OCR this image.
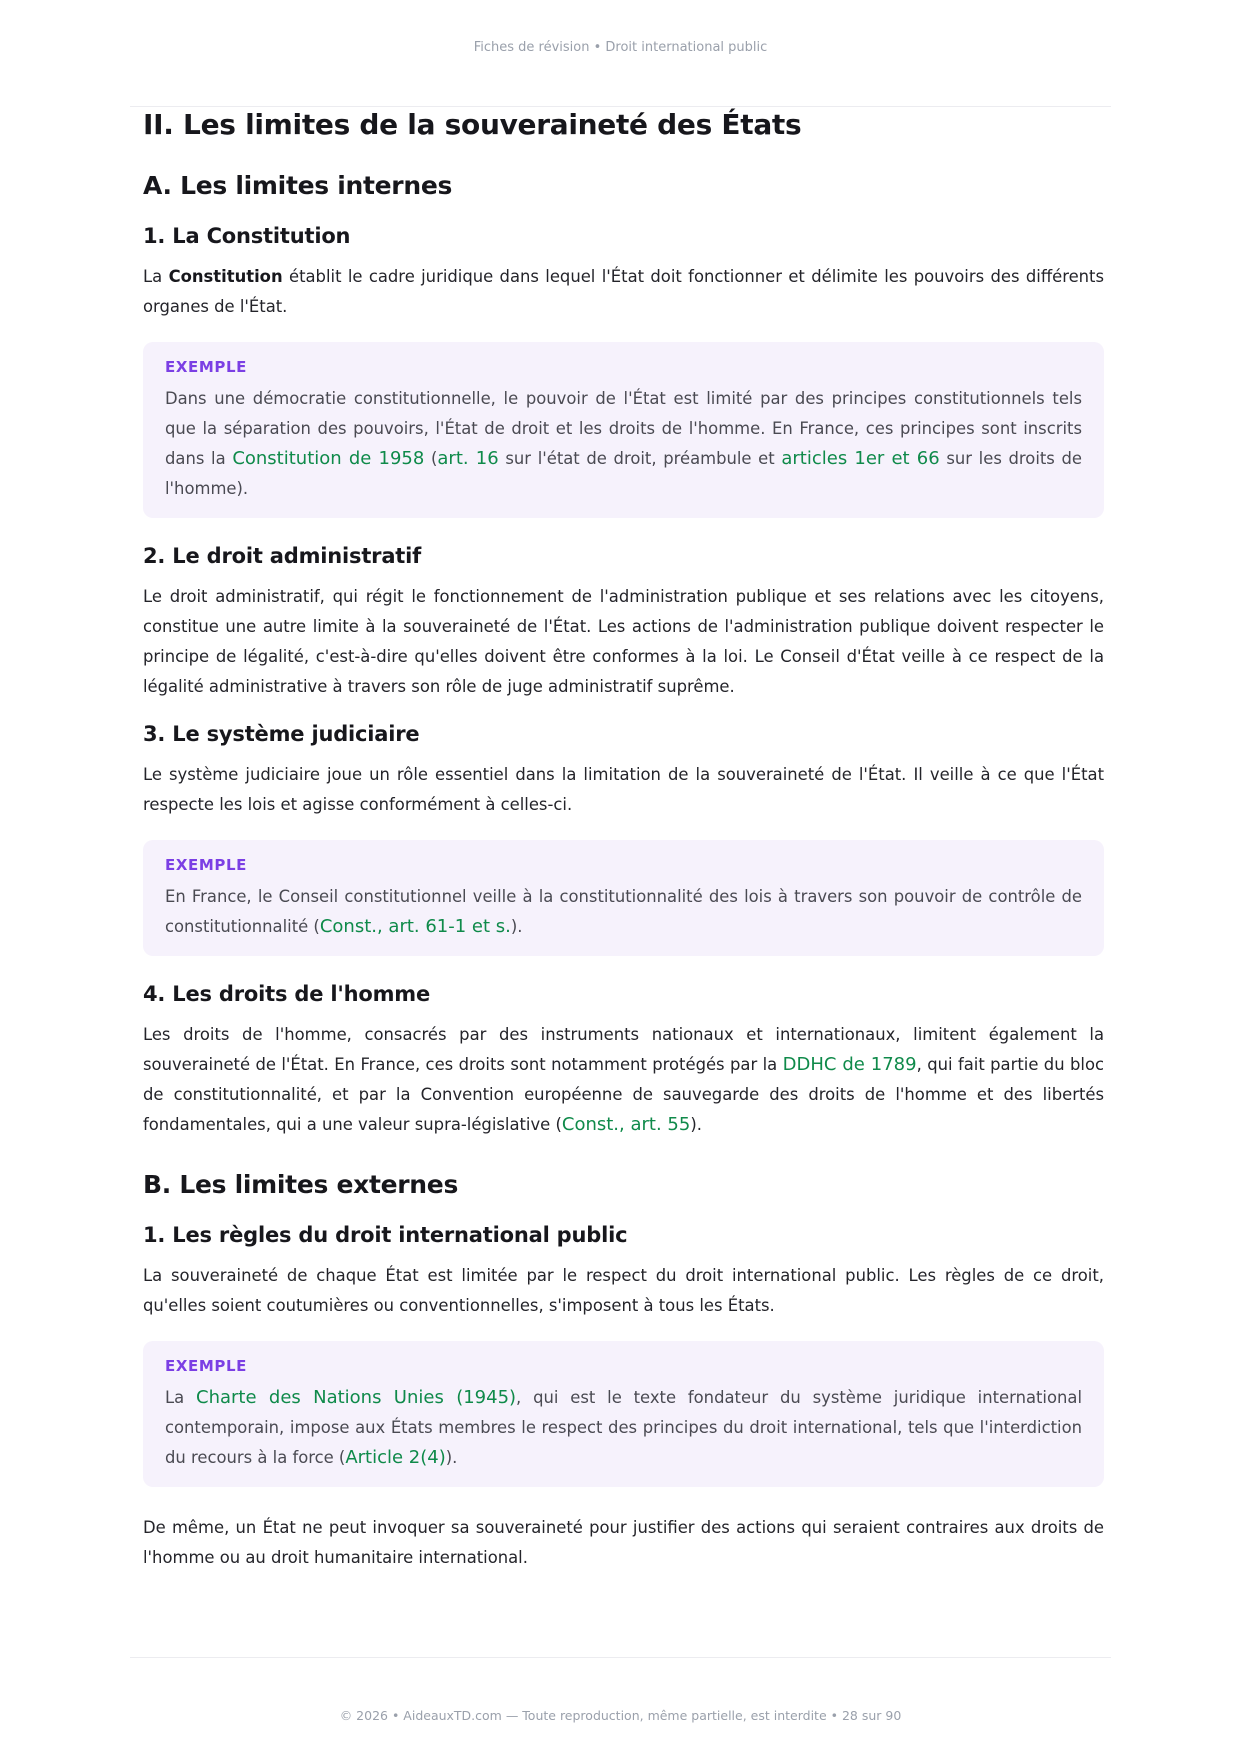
Fiches de révision • Droit international public
II. Les limites de la souveraineté des États
A. Les limites internes
1. La Constitution

La Constitution établit le cadre juridique dans lequel l'État doit fonctionner et délimite les pouvoirs des différents organes de l'État.

EXEMPLE

Dans une démocratie constitutionnelle, le pouvoir de l'État est limité par des principes constitutionnels tels que la séparation des pouvoirs, l'État de droit et les droits de l'homme. En France, ces principes sont inscrits dans la Constitution de 1958 (art. 16 sur l'état de droit, préambule et articles 1er et 66 sur les droits de l'homme).

2. Le droit administratif

Le droit administratif, qui régit le fonctionnement de l'administration publique et ses relations avec les citoyens, constitue une autre limite à la souveraineté de l'État. Les actions de l'administration publique doivent respecter le principe de légalité, c'est-à-dire qu'elles doivent être conformes à la loi. Le Conseil d'État veille à ce respect de la légalité administrative à travers son rôle de juge administratif suprême.

3. Le système judiciaire

Le système judiciaire joue un rôle essentiel dans la limitation de la souveraineté de l'État. Il veille à ce que l'État respecte les lois et agisse conformément à celles-ci.

EXEMPLE

En France, le Conseil constitutionnel veille à la constitutionnalité des lois à travers son pouvoir de contrôle de constitutionnalité (Const., art. 61-1 et s.).

4. Les droits de l'homme

Les droits de l'homme, consacrés par des instruments nationaux et internationaux, limitent également la souveraineté de l'État. En France, ces droits sont notamment protégés par la DDHC de 1789, qui fait partie du bloc de constitutionnalité, et par la Convention européenne de sauvegarde des droits de l'homme et des libertés fondamentales, qui a une valeur supra-législative (Const., art. 55).

B. Les limites externes
1. Les règles du droit international public

La souveraineté de chaque État est limitée par le respect du droit international public. Les règles de ce droit, qu'elles soient coutumières ou conventionnelles, s'imposent à tous les États.

EXEMPLE

La Charte des Nations Unies (1945), qui est le texte fondateur du système juridique international contemporain, impose aux États membres le respect des principes du droit international, tels que l'interdiction du recours à la force (Article 2(4)).

De même, un État ne peut invoquer sa souveraineté pour justifier des actions qui seraient contraires aux droits de l'homme ou au droit humanitaire international.

© 2026 • AideauxTD.com — Toute reproduction, même partielle, est interdite • 28 sur 90
